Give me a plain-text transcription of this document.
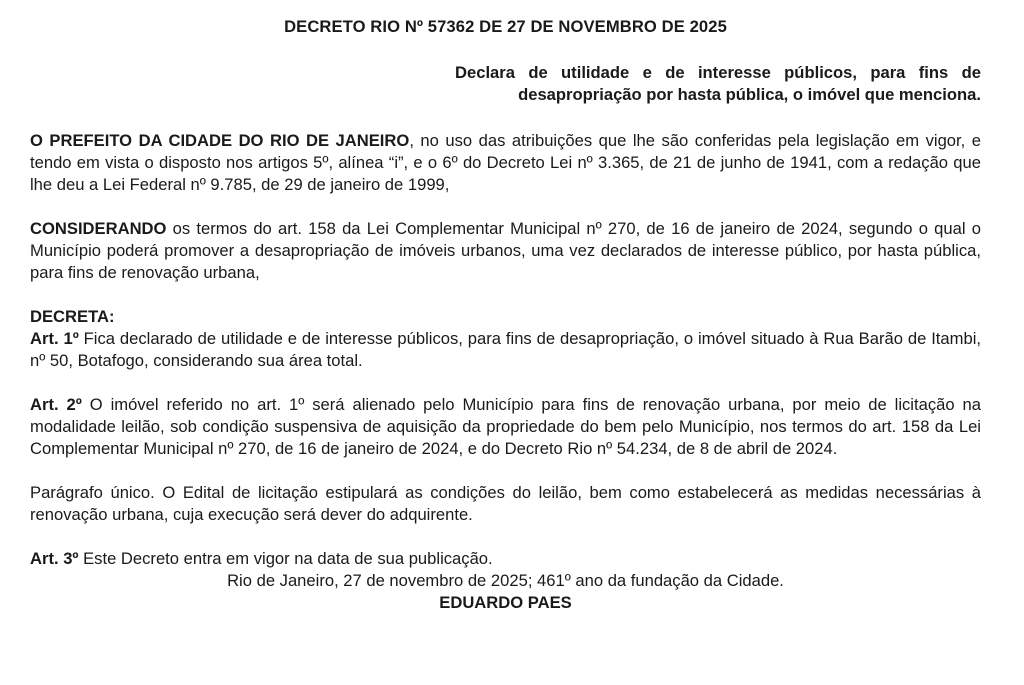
DECRETO RIO Nº 57362 DE 27 DE NOVEMBRO DE 2025
Declara de utilidade e de interesse públicos, para fins de desapropriação por hasta pública, o imóvel que menciona.

O PREFEITO DA CIDADE DO RIO DE JANEIRO, no uso das atribuições que lhe são conferidas pela legislação em vigor, e tendo em vista o disposto nos artigos 5º, alínea “i”, e o 6º do Decreto Lei nº 3.365, de 21 de junho de 1941, com a redação que lhe deu a Lei Federal nº 9.785, de 29 de janeiro de 1999,

CONSIDERANDO os termos do art. 158 da Lei Complementar Municipal nº 270, de 16 de janeiro de 2024, segundo o qual o Município poderá promover a desapropriação de imóveis urbanos, uma vez declarados de interesse público, por hasta pública, para fins de renovação urbana,

DECRETA:

Art. 1º Fica declarado de utilidade e de interesse públicos, para fins de desapropriação, o imóvel situado à Rua Barão de Itambi, nº 50, Botafogo, considerando sua área total.

Art. 2º O imóvel referido no art. 1º será alienado pelo Município para fins de renovação urbana, por meio de licitação na modalidade leilão, sob condição suspensiva de aquisição da propriedade do bem pelo Município, nos termos do art. 158 da Lei Complementar Municipal nº 270, de 16 de janeiro de 2024, e do Decreto Rio nº 54.234, de 8 de abril de 2024.

Parágrafo único. O Edital de licitação estipulará as condições do leilão, bem como estabelecerá as medidas necessárias à renovação urbana, cuja execução será dever do adquirente.

Art. 3º Este Decreto entra em vigor na data de sua publicação.

Rio de Janeiro, 27 de novembro de 2025; 461º ano da fundação da Cidade.

EDUARDO PAES
